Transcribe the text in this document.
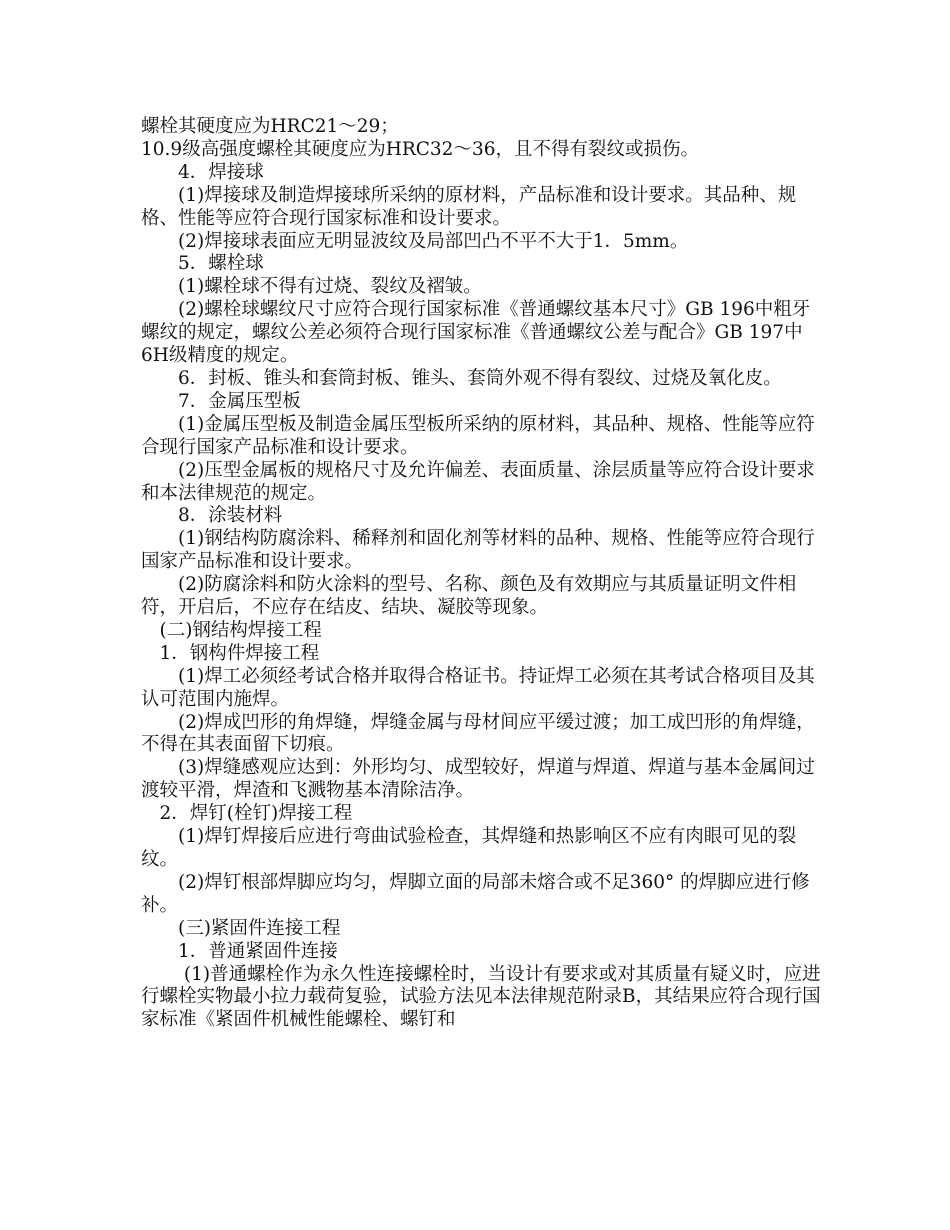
螺栓其硬度应为HRC21～29；

10.9级高强度螺栓其硬度应为HRC32～36，且不得有裂纹或损伤。

　　4．焊接球

　　(1)焊接球及制造焊接球所采纳的原材料，产品标准和设计要求。其品种、规格、性能等应符合现行国家标准和设计要求。

　　(2)焊接球表面应无明显波纹及局部凹凸不平不大于1．5mm。

　　5．螺栓球

　　(1)螺栓球不得有过烧、裂纹及褶皱。

　　(2)螺栓球螺纹尺寸应符合现行国家标准《普通螺纹基本尺寸》GB 196中粗牙螺纹的规定，螺纹公差必须符合现行国家标准《普通螺纹公差与配合》GB 197中6H级精度的规定。

　　6．封板、锥头和套筒封板、锥头、套筒外观不得有裂纹、过烧及氧化皮。

　　7．金属压型板

　　(1)金属压型板及制造金属压型板所采纳的原材料，其品种、规格、性能等应符合现行国家产品标准和设计要求。

　　(2)压型金属板的规格尺寸及允许偏差、表面质量、涂层质量等应符合设计要求和本法律规范的规定。

　　8．涂装材料

　　(1)钢结构防腐涂料、稀释剂和固化剂等材料的品种、规格、性能等应符合现行国家产品标准和设计要求。

　　(2)防腐涂料和防火涂料的型号、名称、颜色及有效期应与其质量证明文件相符，开启后，不应存在结皮、结块、凝胶等现象。

　(二)钢结构焊接工程

　1．钢构件焊接工程

　　(1)焊工必须经考试合格并取得合格证书。持证焊工必须在其考试合格项目及其认可范围内施焊。

　　(2)焊成凹形的角焊缝，焊缝金属与母材间应平缓过渡；加工成凹形的角焊缝，不得在其表面留下切痕。

　　(3)焊缝感观应达到：外形均匀、成型较好，焊道与焊道、焊道与基本金属间过渡较平滑，焊渣和飞溅物基本清除洁净。

　2．焊钉(栓钉)焊接工程

　　(1)焊钉焊接后应进行弯曲试验检查，其焊缝和热影响区不应有肉眼可见的裂纹。

　　(2)焊钉根部焊脚应均匀，焊脚立面的局部未熔合或不足360° 的焊脚应进行修补。

　　(三)紧固件连接工程

　　1．普通紧固件连接

　　 (1)普通螺栓作为永久性连接螺栓时，当设计有要求或对其质量有疑义时，应进行螺栓实物最小拉力载荷复验，试验方法见本法律规范附录B，其结果应符合现行国家标准《紧固件机械性能螺栓、螺钉和
